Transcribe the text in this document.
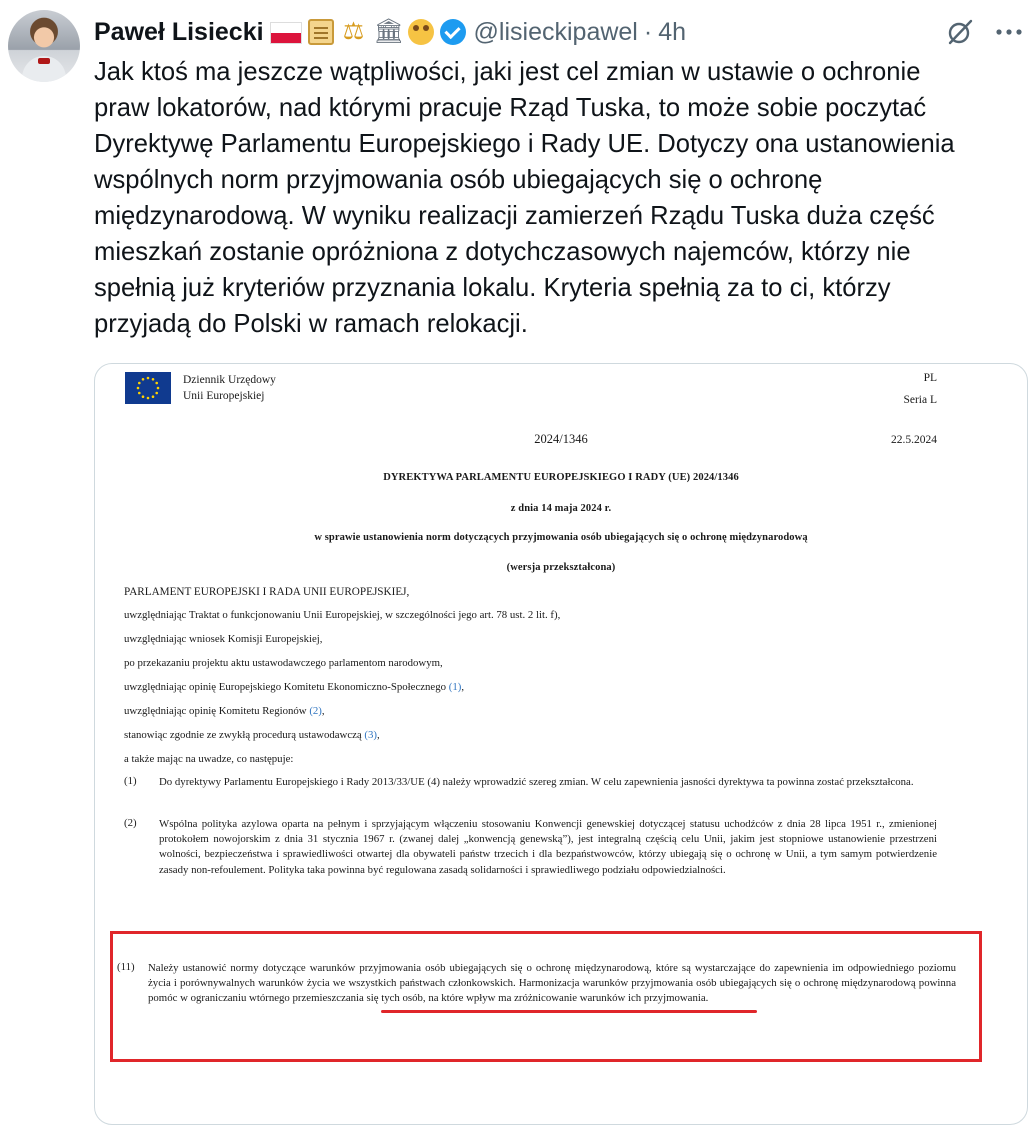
Paweł Lisiecki	⚖ 🏛	@lisieckipawel · 4h

Jak ktoś ma jeszcze wątpliwości, jaki jest cel zmian w ustawie o ochronie

praw lokatorów, nad którymi pracuje Rząd Tuska, to może sobie poczytać

Dyrektywę Parlamentu Europejskiego i Rady UE. Dotyczy ona ustanowienia

wspólnych norm przyjmowania osób ubiegających się o ochronę

międzynarodową. W wyniku realizacji zamierzeń Rządu Tuska duża część

mieszkań zostanie opróżniona z dotychczasowych najemców, którzy nie

spełnią już kryteriów przyznania lokalu. Kryteria spełnią za to ci, którzy

przyjadą do Polski w ramach relokacji.

Dziennik Urzędowy
Unii Europejskiej
PL
Seria L
2024/1346	22.5.2024
DYREKTYWA PARLAMENTU EUROPEJSKIEGO I RADY (UE) 2024/1346
z dnia 14 maja 2024 r.
w sprawie ustanowienia norm dotyczących przyjmowania osób ubiegających się o ochronę międzynarodową
(wersja przekształcona)
PARLAMENT EUROPEJSKI I RADA UNII EUROPEJSKIEJ,
uwzględniając Traktat o funkcjonowaniu Unii Europejskiej, w szczególności jego art. 78 ust. 2 lit. f),
uwzględniając wniosek Komisji Europejskiej,
po przekazaniu projektu aktu ustawodawczego parlamentom narodowym,
uwzględniając opinię Europejskiego Komitetu Ekonomiczno-Społecznego (1),
uwzględniając opinię Komitetu Regionów (2),
stanowiąc zgodnie ze zwykłą procedurą ustawodawczą (3),
a także mając na uwadze, co następuje:
(1) Do dyrektywy Parlamentu Europejskiego i Rady 2013/33/UE (4) należy wprowadzić szereg zmian. W celu zapewnienia jasności dyrektywa ta powinna zostać przekształcona.
(2) Wspólna polityka azylowa oparta na pełnym i sprzyjającym włączeniu stosowaniu Konwencji genewskiej dotyczącej statusu uchodźców z dnia 28 lipca 1951 r., zmienionej protokołem nowojorskim z dnia 31 stycznia 1967 r. (zwanej dalej „konwencją genewską”), jest integralną częścią celu Unii, jakim jest stopniowe ustanowienie przestrzeni wolności, bezpieczeństwa i sprawiedliwości otwartej dla obywateli państw trzecich i dla bezpaństwowców, którzy ubiegają się o ochronę w Unii, a tym samym potwierdzenie zasady non-refoulement. Polityka taka powinna być regulowana zasadą solidarności i sprawiedliwego podziału odpowiedzialności.
(11) Należy ustanowić normy dotyczące warunków przyjmowania osób ubiegających się o ochronę międzynarodową, które są wystarczające do zapewnienia im odpowiedniego poziomu życia i porównywalnych warunków życia we wszystkich państwach członkowskich. Harmonizacja warunków przyjmowania osób ubiegających się o ochronę międzynarodową powinna pomóc w ograniczaniu wtórnego przemieszczania się tych osób, na które wpływ ma zróżnicowanie warunków ich przyjmowania.
